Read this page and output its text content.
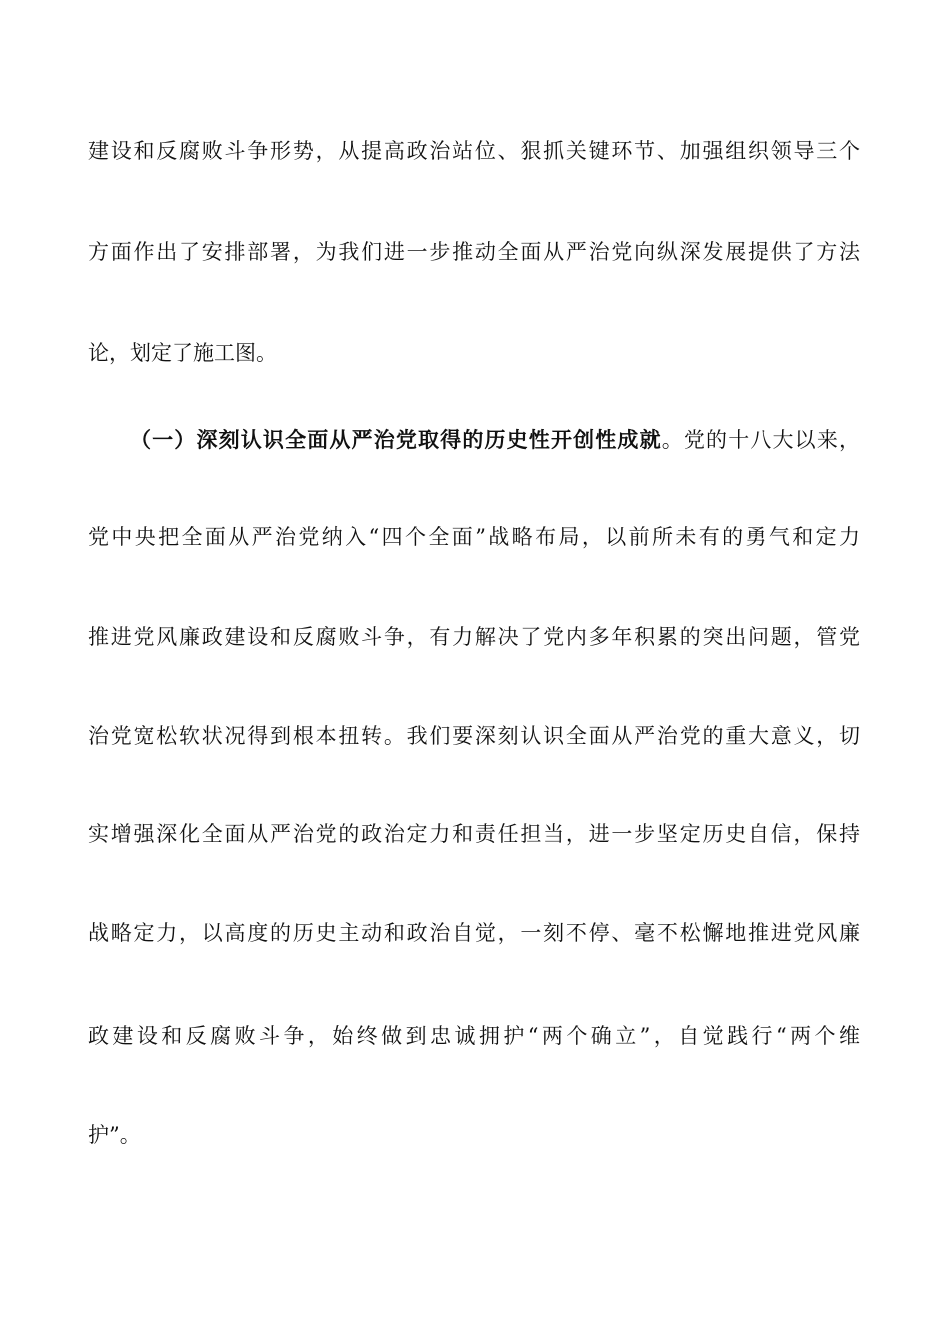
建设和反腐败斗争形势，从提高政治站位、狠抓关键环节、加强组织领导三个
方面作出了安排部署，为我们进一步推动全面从严治党向纵深发展提供了方法
论，划定了施工图。
（一）深刻认识全面从严治党取得的历史性开创性成就。党的十八大以来，
党中央把全面从严治党纳入“四个全面”战略布局，以前所未有的勇气和定力
推进党风廉政建设和反腐败斗争，有力解决了党内多年积累的突出问题，管党
治党宽松软状况得到根本扭转。我们要深刻认识全面从严治党的重大意义，切
实增强深化全面从严治党的政治定力和责任担当，进一步坚定历史自信，保持
战略定力，以高度的历史主动和政治自觉，一刻不停、毫不松懈地推进党风廉
政建设和反腐败斗争，始终做到忠诚拥护“两个确立”，自觉践行“两个维
护”。
